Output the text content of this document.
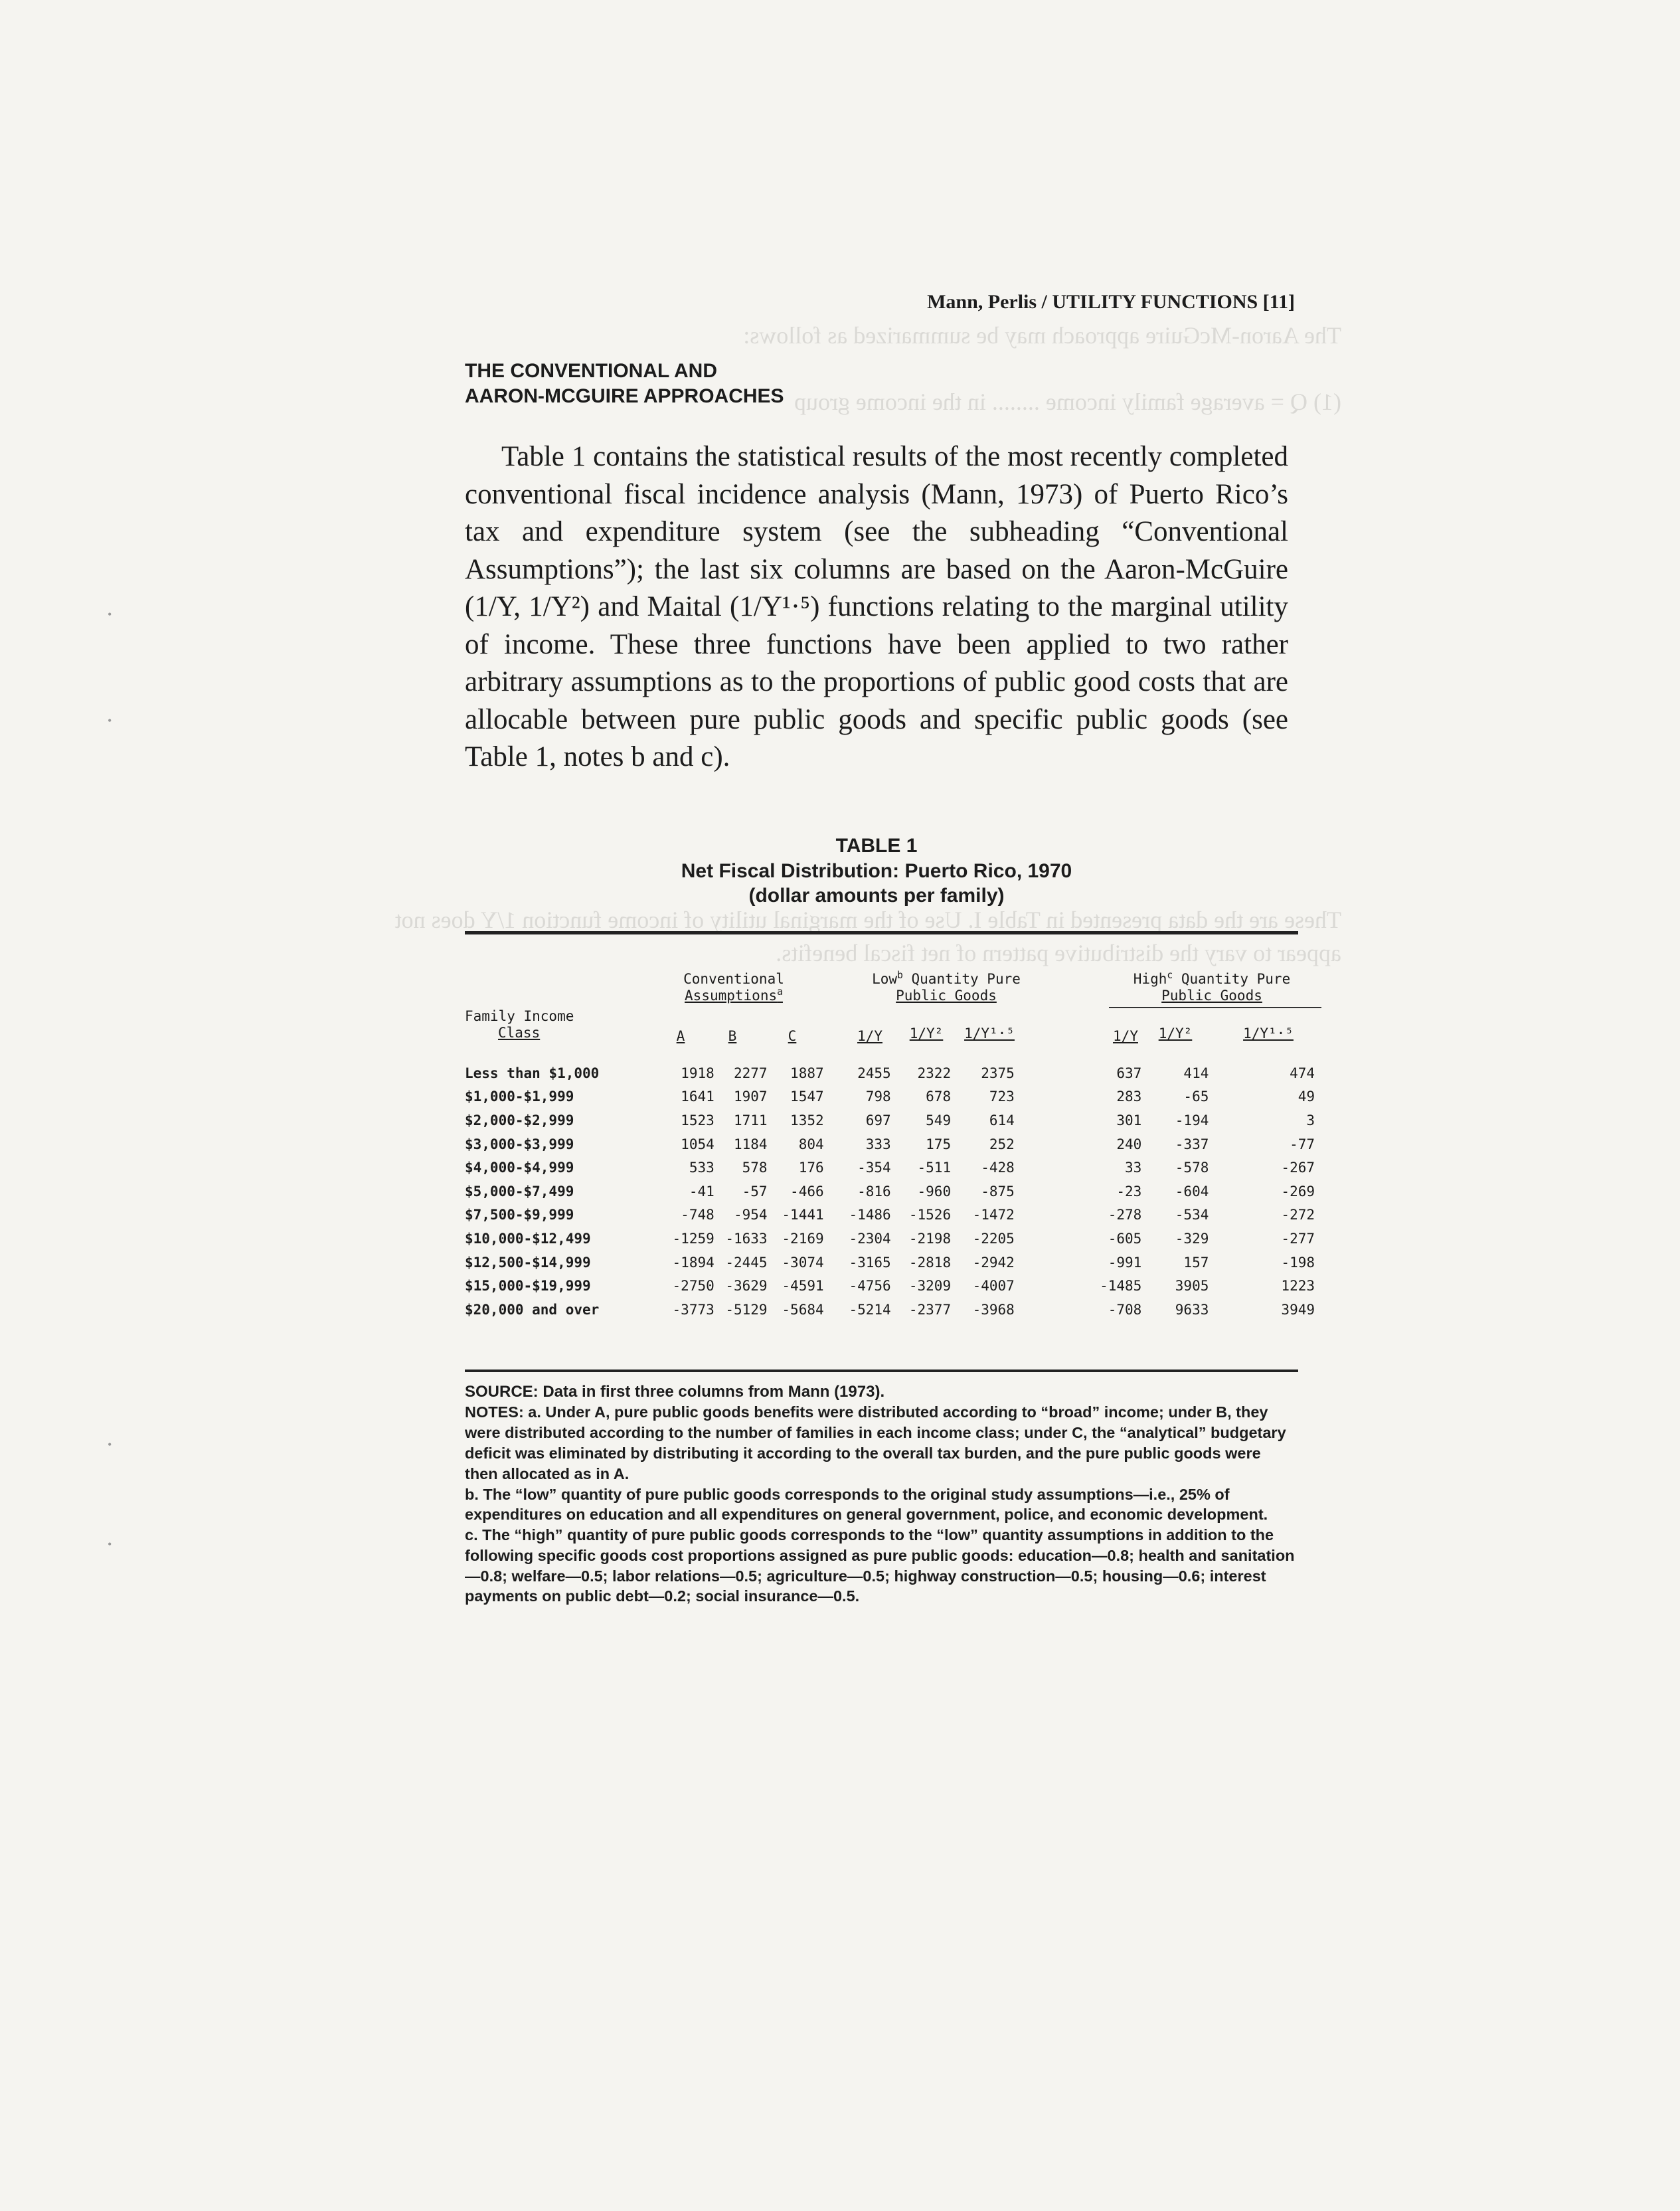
The Aaron-McGuire approach may be summarized as follows:
(1) Q = average family income ........ in the income group
These are the data presented in Table I. Use of the marginal utility of income function 1/Y does not appear to vary the distributive pattern of net fiscal benefits.
•
•
•
•
Mann, Perlis / UTILITY FUNCTIONS [11]
THE CONVENTIONAL AND
AARON-MCGUIRE APPROACHES
Table 1 contains the statistical results of the most recently completed conventional fiscal incidence analysis (Mann, 1973) of Puerto Rico’s tax and expenditure system (see the subheading “Conventional Assumptions”); the last six columns are based on the Aaron-McGuire (1/Y, 1/Y²) and Maital (1/Y¹·⁵) functions relating to the marginal utility of income. These three functions have been applied to two rather arbitrary assumptions as to the proportions of public good costs that are allocable between pure public goods and specific public goods (see Table 1, notes b and c).
TABLE 1
Net Fiscal Distribution: Puerto Rico, 1970
(dollar amounts per family)
Family Income
Class
Conventional
Assumptions$^a$
Low$^b$ Quantity Pure
Public Goods
High$^c$ Quantity Pure
Public Goods
A	B	C	1/Y 1/Y² 1/Y¹·⁵	1/Y 1/Y²	1/Y¹·⁵
Less than $1,000	1918	2277	1887	2455	2322	2375	637	414	474
$1,000-$1,999	1641	1907	1547	798	678	723	283	-65	49
$2,000-$2,999	1523	1711	1352	697	549	614	301	-194	3
$3,000-$3,999	1054	1184	804	333	175	252	240	-337	-77
$4,000-$4,999	533	578	176	-354	-511	-428	33	-578	-267
$5,000-$7,499	-41	-57	-466	-816	-960	-875	-23	-604	-269
$7,500-$9,999	-748	-954	-1441	-1486	-1526	-1472	-278	-534	-272
$10,000-$12,499	-1259	-1633	-2169	-2304	-2198	-2205	-605	-329	-277
$12,500-$14,999	-1894	-2445	-3074	-3165	-2818	-2942	-991	157	-198
$15,000-$19,999	-2750	-3629	-4591	-4756	-3209	-4007	-1485	3905	1223
$20,000 and over	-3773	-5129	-5684	-5214	-2377	-3968	-708	9633	3949

SOURCE: Data in first three columns from Mann (1973).

NOTES: a. Under A, pure public goods benefits were distributed according to “broad” income; under B, they were distributed according to the number of families in each income class; under C, the “analytical” budgetary deficit was eliminated by distributing it according to the overall tax burden, and the pure public goods were then allocated as in A.

b. The “low” quantity of pure public goods corresponds to the original study assumptions—i.e., 25% of expenditures on education and all expenditures on general government, police, and economic development.

c. The “high” quantity of pure public goods corresponds to the “low” quantity assumptions in addition to the following specific goods cost proportions assigned as pure public goods: education—0.8; health and sanitation—0.8; welfare—0.5; labor relations—0.5; agriculture—0.5; highway construction—0.5; housing—0.6; interest payments on public debt—0.2; social insurance—0.5.
